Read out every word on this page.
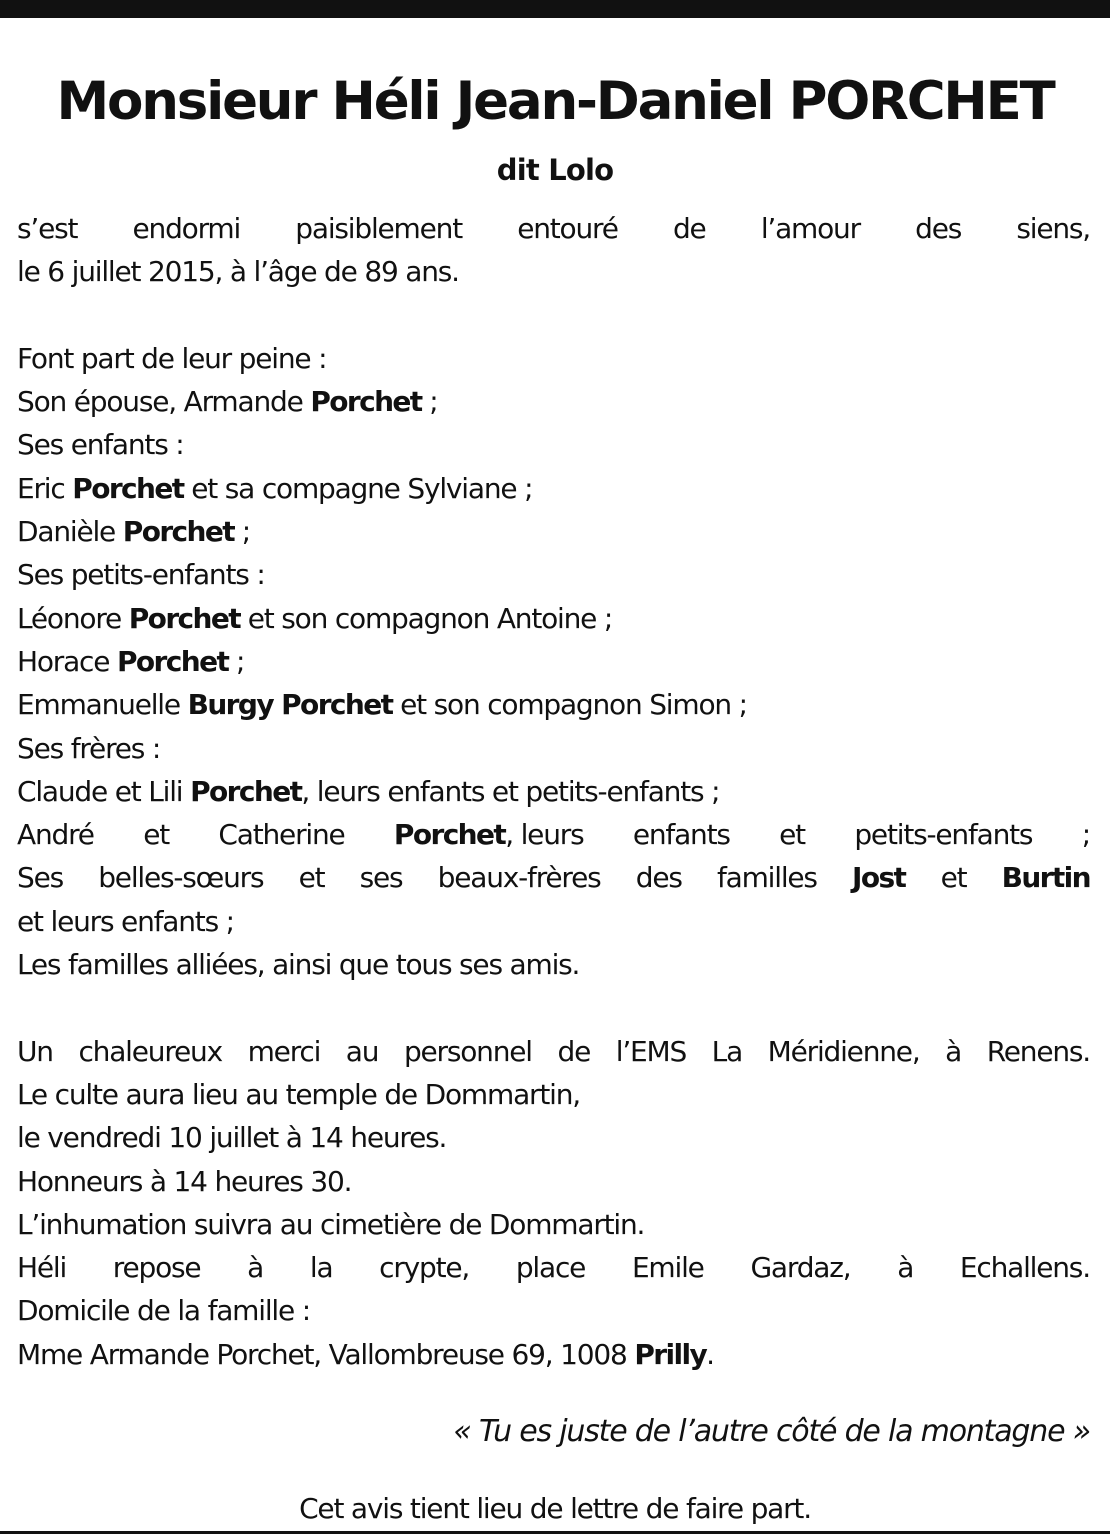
Monsieur Héli Jean-Daniel PORCHET
dit Lolo
s’est endormi paisiblement entouré de l’amour des siens,
le 6 juillet 2015, à l’âge de 89 ans.
Font part de leur peine :
Son épouse, Armande Porchet ;
Ses enfants :
Eric Porchet et sa compagne Sylviane ;
Danièle Porchet ;
Ses petits-enfants :
Léonore Porchet et son compagnon Antoine ;
Horace Porchet ;
Emmanuelle Burgy Porchet et son compagnon Simon ;
Ses frères :
Claude et Lili Porchet, leurs enfants et petits-enfants ;
André et Catherine Porchet, leurs enfants et petits-enfants ;
Ses belles-sœurs et ses beaux-frères des familles Jost et Burtin
et leurs enfants ;
Les familles alliées, ainsi que tous ses amis.
Un chaleureux merci au personnel de l’EMS La Méridienne, à Renens.
Le culte aura lieu au temple de Dommartin,
le vendredi 10 juillet à 14 heures.
Honneurs à 14 heures 30.
L’inhumation suivra au cimetière de Dommartin.
Héli repose à la crypte, place Emile Gardaz, à Echallens.
Domicile de la famille :
Mme Armande Porchet, Vallombreuse 69, 1008 Prilly.
« Tu es juste de l’autre côté de la montagne »
Cet avis tient lieu de lettre de faire part.
